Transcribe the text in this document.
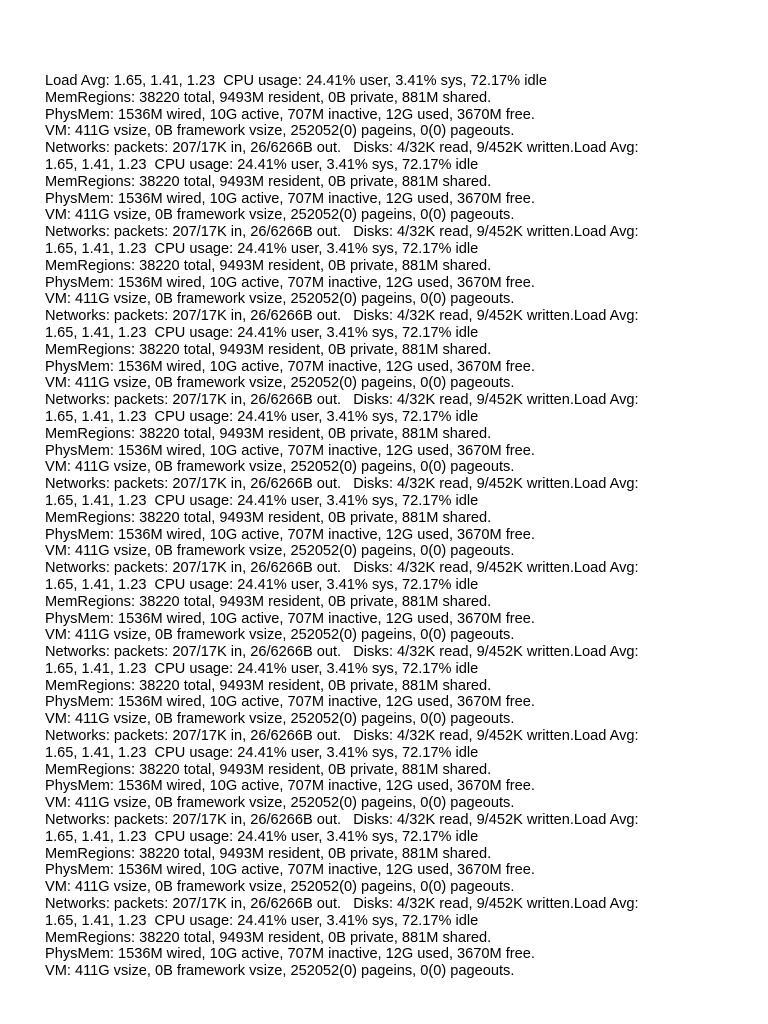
Load Avg: 1.65, 1.41, 1.23  CPU usage: 24.41% user, 3.41% sys, 72.17% idle
MemRegions: 38220 total, 9493M resident, 0B private, 881M shared.
PhysMem: 1536M wired, 10G active, 707M inactive, 12G used, 3670M free.
VM: 411G vsize, 0B framework vsize, 252052(0) pageins, 0(0) pageouts.
Networks: packets: 207/17K in, 26/6266B out.   Disks: 4/32K read, 9/452K written.Load Avg:
1.65, 1.41, 1.23  CPU usage: 24.41% user, 3.41% sys, 72.17% idle
MemRegions: 38220 total, 9493M resident, 0B private, 881M shared.
PhysMem: 1536M wired, 10G active, 707M inactive, 12G used, 3670M free.
VM: 411G vsize, 0B framework vsize, 252052(0) pageins, 0(0) pageouts.
Networks: packets: 207/17K in, 26/6266B out.   Disks: 4/32K read, 9/452K written.Load Avg:
1.65, 1.41, 1.23  CPU usage: 24.41% user, 3.41% sys, 72.17% idle
MemRegions: 38220 total, 9493M resident, 0B private, 881M shared.
PhysMem: 1536M wired, 10G active, 707M inactive, 12G used, 3670M free.
VM: 411G vsize, 0B framework vsize, 252052(0) pageins, 0(0) pageouts.
Networks: packets: 207/17K in, 26/6266B out.   Disks: 4/32K read, 9/452K written.Load Avg:
1.65, 1.41, 1.23  CPU usage: 24.41% user, 3.41% sys, 72.17% idle
MemRegions: 38220 total, 9493M resident, 0B private, 881M shared.
PhysMem: 1536M wired, 10G active, 707M inactive, 12G used, 3670M free.
VM: 411G vsize, 0B framework vsize, 252052(0) pageins, 0(0) pageouts.
Networks: packets: 207/17K in, 26/6266B out.   Disks: 4/32K read, 9/452K written.Load Avg:
1.65, 1.41, 1.23  CPU usage: 24.41% user, 3.41% sys, 72.17% idle
MemRegions: 38220 total, 9493M resident, 0B private, 881M shared.
PhysMem: 1536M wired, 10G active, 707M inactive, 12G used, 3670M free.
VM: 411G vsize, 0B framework vsize, 252052(0) pageins, 0(0) pageouts.
Networks: packets: 207/17K in, 26/6266B out.   Disks: 4/32K read, 9/452K written.Load Avg:
1.65, 1.41, 1.23  CPU usage: 24.41% user, 3.41% sys, 72.17% idle
MemRegions: 38220 total, 9493M resident, 0B private, 881M shared.
PhysMem: 1536M wired, 10G active, 707M inactive, 12G used, 3670M free.
VM: 411G vsize, 0B framework vsize, 252052(0) pageins, 0(0) pageouts.
Networks: packets: 207/17K in, 26/6266B out.   Disks: 4/32K read, 9/452K written.Load Avg:
1.65, 1.41, 1.23  CPU usage: 24.41% user, 3.41% sys, 72.17% idle
MemRegions: 38220 total, 9493M resident, 0B private, 881M shared.
PhysMem: 1536M wired, 10G active, 707M inactive, 12G used, 3670M free.
VM: 411G vsize, 0B framework vsize, 252052(0) pageins, 0(0) pageouts.
Networks: packets: 207/17K in, 26/6266B out.   Disks: 4/32K read, 9/452K written.Load Avg:
1.65, 1.41, 1.23  CPU usage: 24.41% user, 3.41% sys, 72.17% idle
MemRegions: 38220 total, 9493M resident, 0B private, 881M shared.
PhysMem: 1536M wired, 10G active, 707M inactive, 12G used, 3670M free.
VM: 411G vsize, 0B framework vsize, 252052(0) pageins, 0(0) pageouts.
Networks: packets: 207/17K in, 26/6266B out.   Disks: 4/32K read, 9/452K written.Load Avg:
1.65, 1.41, 1.23  CPU usage: 24.41% user, 3.41% sys, 72.17% idle
MemRegions: 38220 total, 9493M resident, 0B private, 881M shared.
PhysMem: 1536M wired, 10G active, 707M inactive, 12G used, 3670M free.
VM: 411G vsize, 0B framework vsize, 252052(0) pageins, 0(0) pageouts.
Networks: packets: 207/17K in, 26/6266B out.   Disks: 4/32K read, 9/452K written.Load Avg:
1.65, 1.41, 1.23  CPU usage: 24.41% user, 3.41% sys, 72.17% idle
MemRegions: 38220 total, 9493M resident, 0B private, 881M shared.
PhysMem: 1536M wired, 10G active, 707M inactive, 12G used, 3670M free.
VM: 411G vsize, 0B framework vsize, 252052(0) pageins, 0(0) pageouts.
Networks: packets: 207/17K in, 26/6266B out.   Disks: 4/32K read, 9/452K written.Load Avg:
1.65, 1.41, 1.23  CPU usage: 24.41% user, 3.41% sys, 72.17% idle
MemRegions: 38220 total, 9493M resident, 0B private, 881M shared.
PhysMem: 1536M wired, 10G active, 707M inactive, 12G used, 3670M free.
VM: 411G vsize, 0B framework vsize, 252052(0) pageins, 0(0) pageouts.
